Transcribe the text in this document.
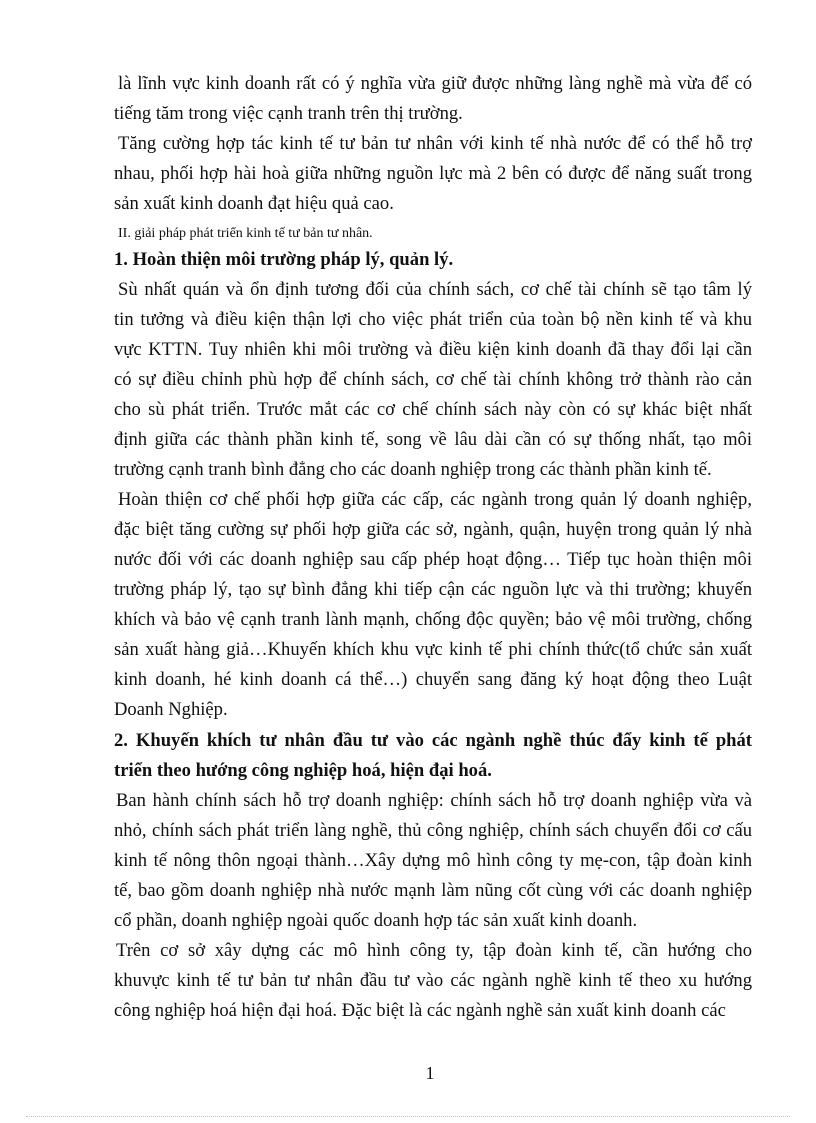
là lĩnh vực kinh doanh rất có ý nghĩa vừa giữ được những làng nghề mà vừa để có
tiếng tăm trong việc cạnh tranh trên thị trường.
Tăng cường hợp tác kinh tế tư bản tư nhân với kinh tế nhà nước để có thể hỗ trợ
nhau, phối hợp hài hoà giữa những nguồn lực mà 2 bên có được để năng suất trong
sản xuất kinh doanh đạt hiệu quả cao.
II. giải pháp phát triển kinh tế tư bản tư nhân.
1. Hoàn thiện môi trường pháp lý, quản lý.
Sù nhất quán và ổn định tương đối của chính sách, cơ chế tài chính sẽ tạo tâm lý
tin tưởng và điều kiện thận lợi cho việc phát triển của toàn bộ nền kinh tế và khu
vực KTTN. Tuy nhiên khi môi trường và điều kiện kinh doanh đã thay đổi lại cần
có sự điều chỉnh phù hợp để chính sách, cơ chế tài chính không trở thành rào cản
cho sù phát triển. Trước mắt các cơ chế chính sách này còn có sự khác biệt nhất
định giữa các thành phần kinh tế, song về lâu dài cần có sự thống nhất, tạo môi
trường cạnh tranh bình đẳng cho các doanh nghiệp trong các thành phần kinh tế.
Hoàn thiện cơ chế phối hợp giữa các cấp, các ngành trong quản lý doanh nghiệp,
đặc biệt tăng cường sự phối hợp giữa các sở, ngành, quận, huyện trong quản lý nhà
nước đối với các doanh nghiệp sau cấp phép hoạt động… Tiếp tục hoàn thiện môi
trường pháp lý, tạo sự bình đẳng khi tiếp cận các nguồn lực và thi trường; khuyến
khích và bảo vệ cạnh tranh lành mạnh, chống độc quyền; bảo vệ môi trường, chống
sản xuất hàng giả…Khuyến khích khu vực kinh tế phi chính thức(tổ chức sản xuất
kinh doanh, hé kinh doanh cá thể…) chuyển sang đăng ký hoạt động theo Luật
Doanh Nghiệp.
2. Khuyến khích tư nhân đầu tư vào các ngành nghề thúc đẩy kinh tế phát
triển theo hướng công nghiệp hoá, hiện đại hoá.
Ban hành chính sách hỗ trợ doanh nghiệp: chính sách hỗ trợ doanh nghiệp vừa và
nhỏ, chính sách phát triển làng nghề, thủ công nghiệp, chính sách chuyển đổi cơ cấu
kinh tế nông thôn ngoại thành…Xây dựng mô hình công ty mẹ-con, tập đoàn kinh
tế, bao gồm doanh nghiệp nhà nước mạnh làm nũng cốt cùng với các doanh nghiệp
cổ phần, doanh nghiệp ngoài quốc doanh hợp tác sản xuất kinh doanh.
Trên cơ sở xây dựng các mô hình công ty, tập đoàn kinh tế, cần hướng cho
khuvực kinh tế tư bản tư nhân đầu tư vào các ngành nghề kinh tế theo xu hướng
công nghiệp hoá hiện đại hoá. Đặc biệt là các ngành nghề sản xuất kinh doanh các
1
